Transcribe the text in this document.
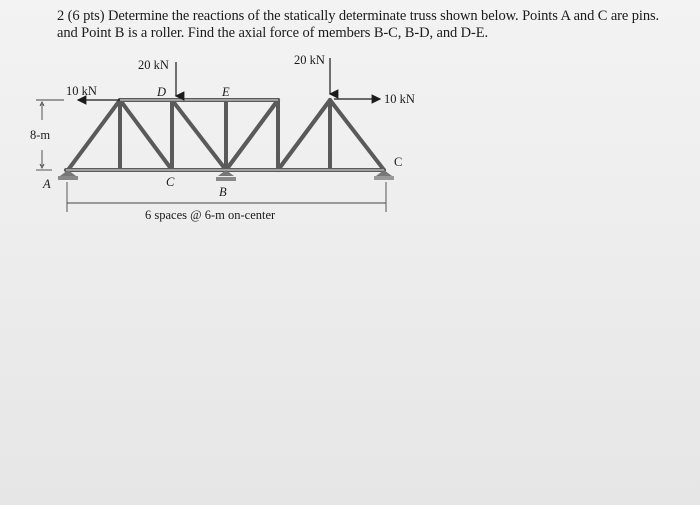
2 (6 pts) Determine the reactions of the statically determinate truss shown below. Points A and C are pins.
and Point B is a roller. Find the axial force of members B-C, B-D, and D-E.

20 kN	20 kN
10 kN
10 kN
D	E
A	C
B
C
8-m
6 spaces @ 6-m on-center
